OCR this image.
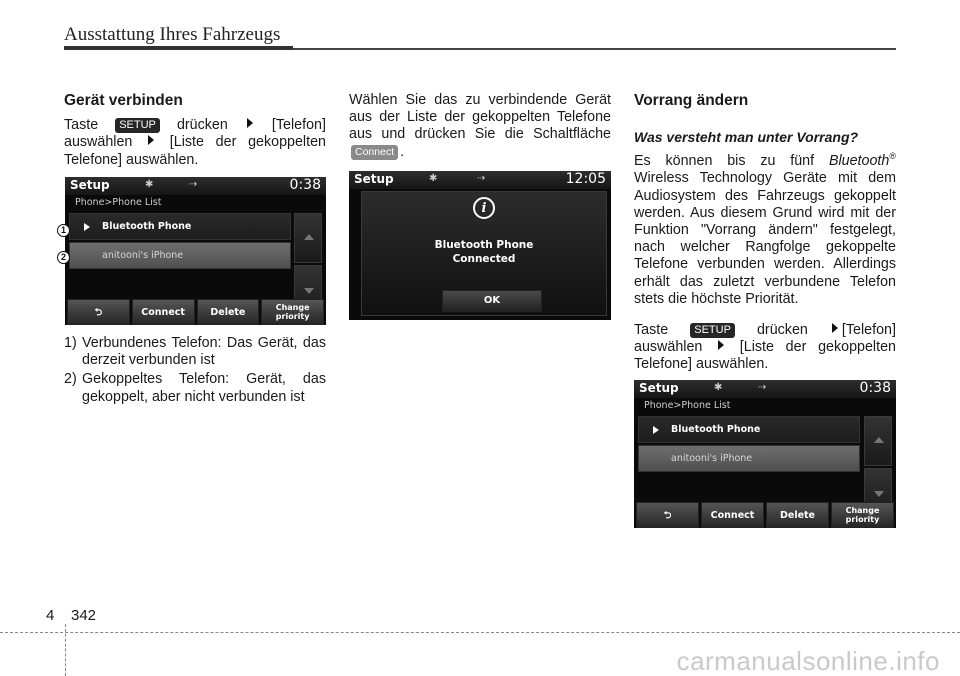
Ausstattung Ihres Fahrzeugs
Gerät verbinden

Taste SETUP drücken	[Telefon] auswählen	[Liste der gekoppelten Telefone] auswählen.

1) Verbundenes Telefon: Das Gerät, das derzeit verbunden ist
2) Gekoppeltes Telefon: Gerät, das gekoppelt, aber nicht verbunden ist
Setup	✱	⇢	0:38
Phone>Phone List
Bluetooth Phone
anitooni's iPhone
⮌	Connect	Delete	Change priority
1
2

Wählen Sie das zu verbindende Gerät aus der Liste der gekoppelten Telefone aus und drücken Sie die Schaltfläche Connect .

Setup	✱	⇢	12:05
i
Bluetooth Phone
Connected
OK
Vorrang ändern
Was versteht man unter Vorrang?

Es können bis zu fünf Bluetooth® Wireless Technology Geräte mit dem Audiosystem des Fahrzeugs gekoppelt werden. Aus diesem Grund wird mit der Funktion "Vorrang ändern" festgelegt, nach welcher Rangfolge gekoppelte Telefone verbunden werden. Allerdings erhält das zuletzt verbundene Telefon stets die höchste Priorität.

Taste SETUP drücken [Telefon] auswählen	[Liste der gekoppelten Telefone] auswählen.

Setup	✱	⇢	0:38
Phone>Phone List
Bluetooth Phone
anitooni's iPhone
⮌	Connect	Delete	Change priority
4 342
carmanualsonline.info
